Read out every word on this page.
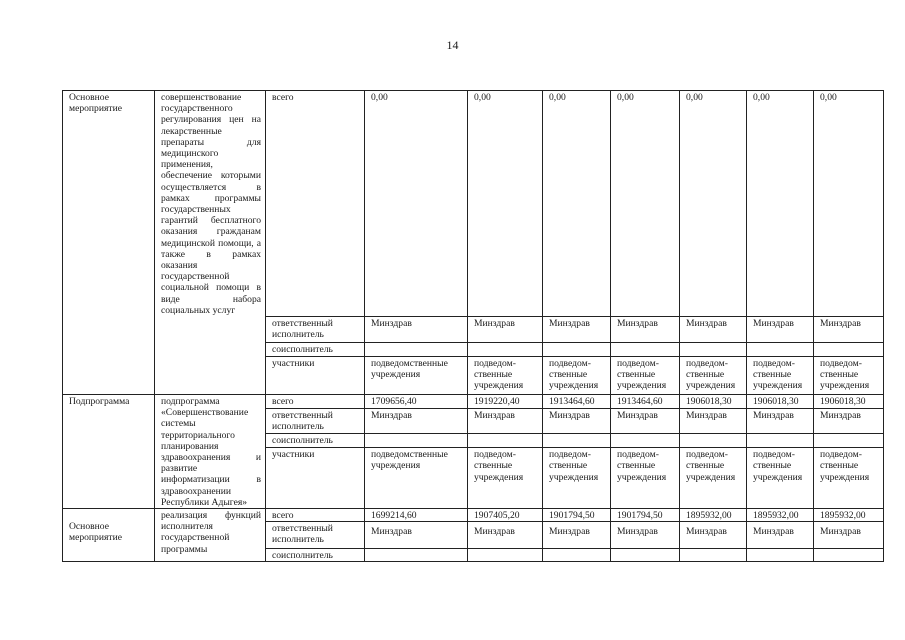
14
Основное мероприятие	совершенствование государственного регулирования цен на лекарственные препараты для медицинского применения, обеспечение которыми осуществляется в рамках программы государственных гарантий бесплатного оказания гражданам медицинской помощи, а также в рамках оказания государственной социальной помощи в виде набора социальных услуг	всего	0,00	0,00	0,00	0,00	0,00	0,00	0,00
		ответственный исполнитель	Минздрав	Минздрав	Минздрав	Минздрав	Минздрав	Минздрав	Минздрав
		соисполнитель							
		участники	подведомственные учреждения	подведом-ственные учреждения	подведом-ственные учреждения	подведом-ственные учреждения	подведом-ственные учреждения	подведом-ственные учреждения	подведом-ственные учреждения
Подпрограмма	подпрограмма «Совершенствование системы территориального планирования здравоохранения и развитие информатизации в здравоохранении Республики Адыгея»	всего	1709656,40	1919220,40	1913464,60	1913464,60	1906018,30	1906018,30	1906018,30
		ответственный исполнитель	Минздрав	Минздрав	Минздрав	Минздрав	Минздрав	Минздрав	Минздрав
		соисполнитель							
		участники	подведомственные учреждения	подведом-ственные учреждения	подведом-ственные учреждения	подведом-ственные учреждения	подведом-ственные учреждения	подведом-ственные учреждения	подведом-ственные учреждения
Основное мероприятие	реализация функций исполнителя государственной программы	всего	1699214,60	1907405,20	1901794,50	1901794,50	1895932,00	1895932,00	1895932,00
		ответственный исполнитель	Минздрав	Минздрав	Минздрав	Минздрав	Минздрав	Минздрав	Минздрав
		соисполнитель							
